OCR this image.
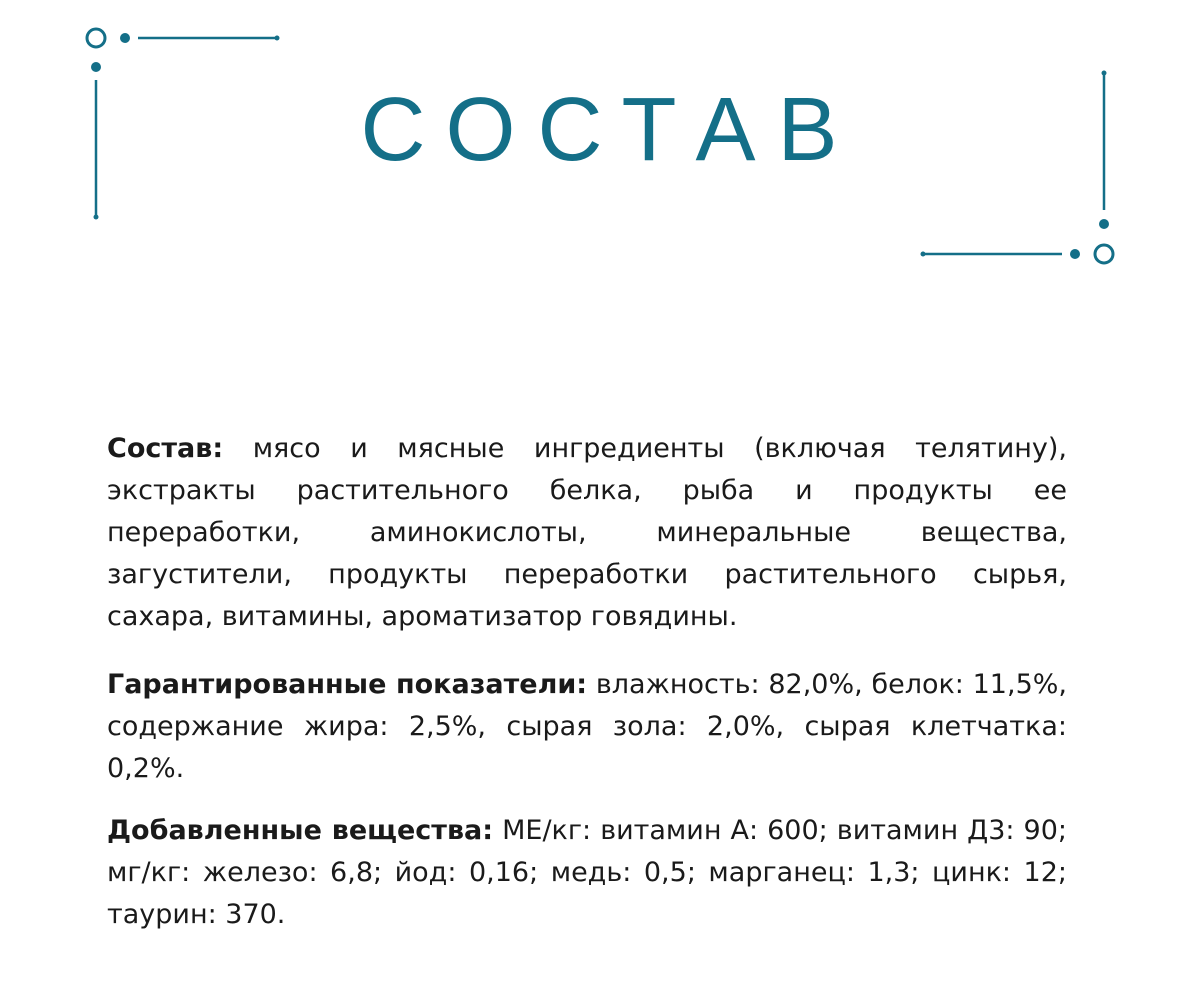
СОСТАВ

Состав: мясо и мясные ингредиенты (включая телятину), экстракты растительного белка, рыба и продукты ее переработки, аминокислоты, минеральные вещества, загустители, продукты переработки растительного сырья, сахара, витамины, ароматизатор говядины.

Гарантированные показатели: влажность: 82,0%, белок: 11,5%, содержание жира: 2,5%, сырая зола: 2,0%, сырая клетчатка: 0,2%.

Добавленные вещества: МЕ/кг: витамин А: 600; витамин Д3: 90; мг/кг: железо: 6,8; йод: 0,16; медь: 0,5; марганец: 1,3; цинк: 12; таурин: 370.
